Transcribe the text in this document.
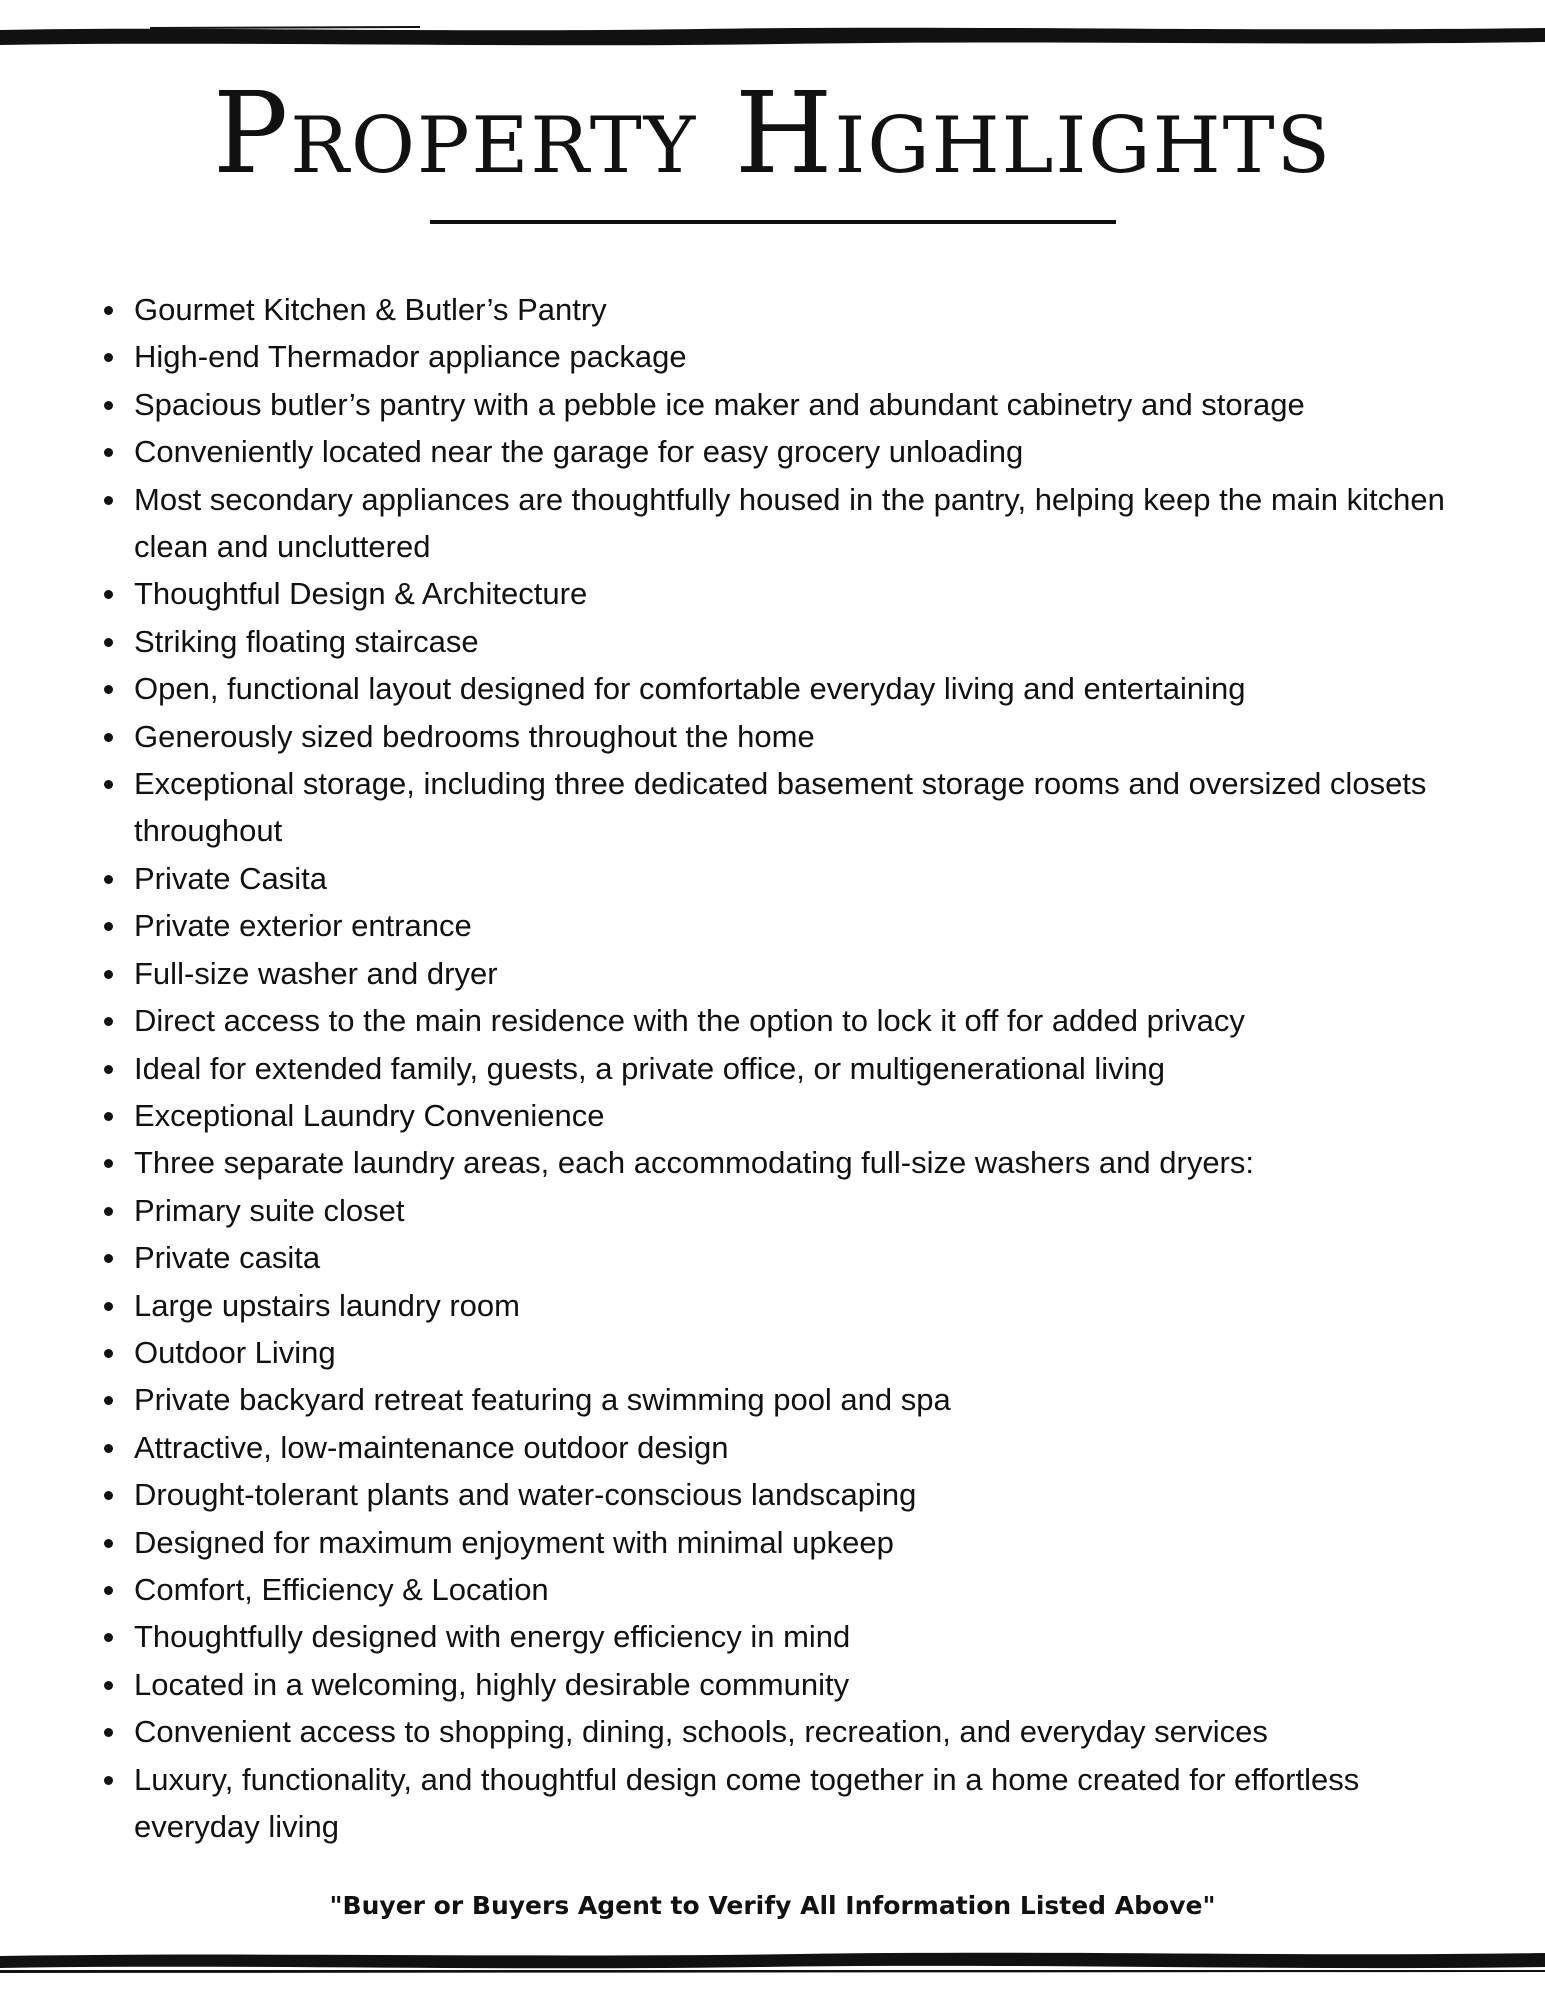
Property Highlights
Gourmet Kitchen & Butler’s Pantry
High-end Thermador appliance package
Spacious butler’s pantry with a pebble ice maker and abundant cabinetry and storage
Conveniently located near the garage for easy grocery unloading
Most secondary appliances are thoughtfully housed in the pantry, helping keep the main kitchen clean and uncluttered
Thoughtful Design & Architecture
Striking floating staircase
Open, functional layout designed for comfortable everyday living and entertaining
Generously sized bedrooms throughout the home
Exceptional storage, including three dedicated basement storage rooms and oversized closets throughout
Private Casita
Private exterior entrance
Full-size washer and dryer
Direct access to the main residence with the option to lock it off for added privacy
Ideal for extended family, guests, a private office, or multigenerational living
Exceptional Laundry Convenience
Three separate laundry areas, each accommodating full-size washers and dryers:
Primary suite closet
Private casita
Large upstairs laundry room
Outdoor Living
Private backyard retreat featuring a swimming pool and spa
Attractive, low-maintenance outdoor design
Drought-tolerant plants and water-conscious landscaping
Designed for maximum enjoyment with minimal upkeep
Comfort, Efficiency & Location
Thoughtfully designed with energy efficiency in mind
Located in a welcoming, highly desirable community
Convenient access to shopping, dining, schools, recreation, and everyday services
Luxury, functionality, and thoughtful design come together in a home created for effortless everyday living

"Buyer or Buyers Agent to Verify All Information Listed Above"
